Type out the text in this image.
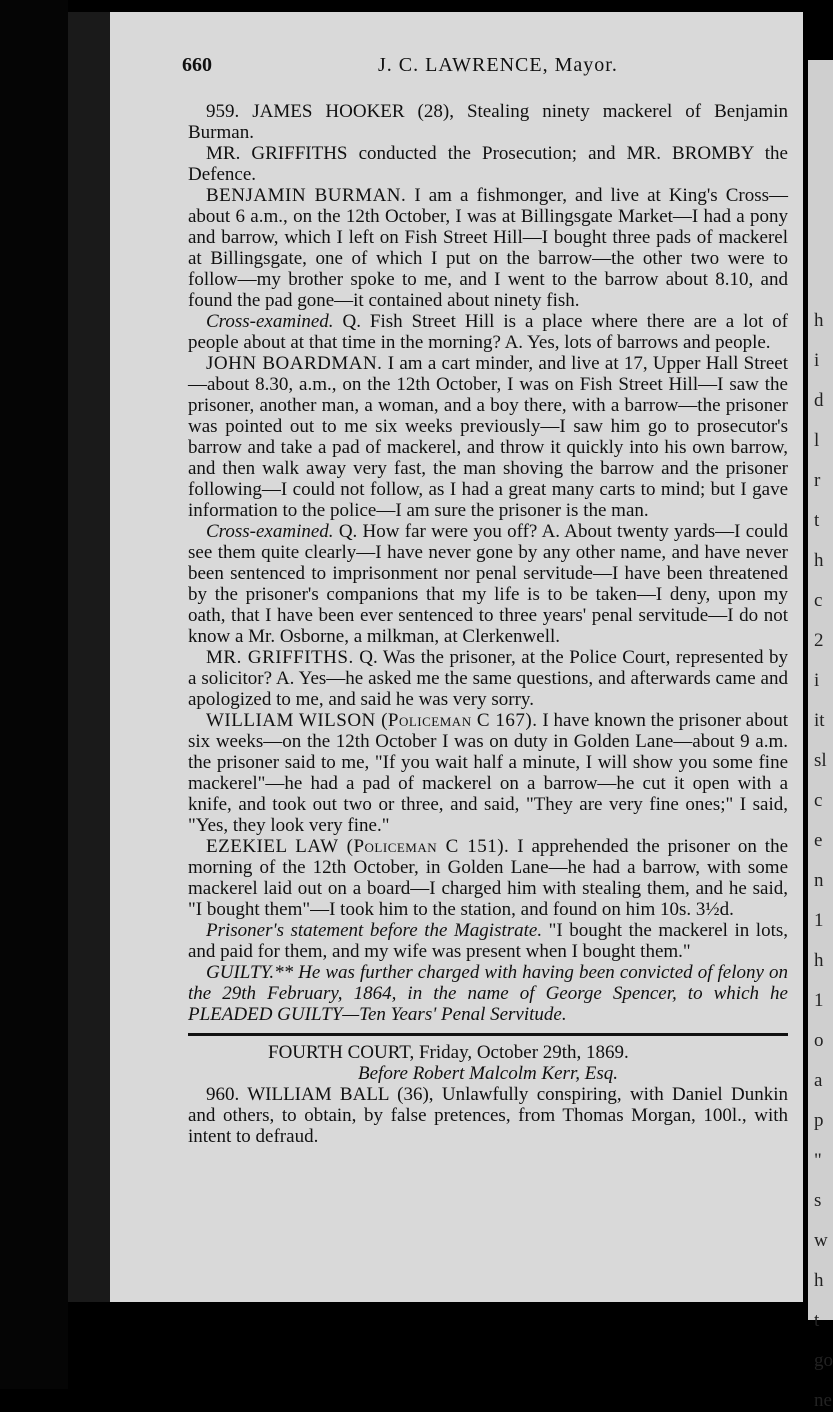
h
i
d
l
r
t
h
c
2
i
it
sl
c
e
n
1
h
1
o
a
p
"
s
w
h
t
go
ne
660	J. C. LAWRENCE, Mayor.

959. JAMES HOOKER (28), Stealing ninety mackerel of Benjamin Burman.

MR. GRIFFITHS conducted the Prosecution; and MR. BROMBY the Defence.

BENJAMIN BURMAN. I am a fishmonger, and live at King's Cross—about 6 a.m., on the 12th October, I was at Billingsgate Market—I had a pony and barrow, which I left on Fish Street Hill—I bought three pads of mackerel at Billingsgate, one of which I put on the barrow—the other two were to follow—my brother spoke to me, and I went to the barrow about 8.10, and found the pad gone—it contained about ninety fish.

Cross-examined. Q. Fish Street Hill is a place where there are a lot of people about at that time in the morning? A. Yes, lots of barrows and people.

JOHN BOARDMAN. I am a cart minder, and live at 17, Upper Hall Street—about 8.30, a.m., on the 12th October, I was on Fish Street Hill—I saw the prisoner, another man, a woman, and a boy there, with a barrow—the prisoner was pointed out to me six weeks previously—I saw him go to prosecutor's barrow and take a pad of mackerel, and throw it quickly into his own barrow, and then walk away very fast, the man shoving the barrow and the prisoner following—I could not follow, as I had a great many carts to mind; but I gave information to the police—I am sure the prisoner is the man.

Cross-examined. Q. How far were you off? A. About twenty yards—I could see them quite clearly—I have never gone by any other name, and have never been sentenced to imprisonment nor penal servitude—I have been threatened by the prisoner's companions that my life is to be taken—I deny, upon my oath, that I have been ever sentenced to three years' penal servitude—I do not know a Mr. Osborne, a milkman, at Clerkenwell.

MR. GRIFFITHS. Q. Was the prisoner, at the Police Court, represented by a solicitor? A. Yes—he asked me the same questions, and afterwards came and apologized to me, and said he was very sorry.

WILLIAM WILSON (Policeman C 167). I have known the prisoner about six weeks—on the 12th October I was on duty in Golden Lane—about 9 a.m. the prisoner said to me, "If you wait half a minute, I will show you some fine mackerel"—he had a pad of mackerel on a barrow—he cut it open with a knife, and took out two or three, and said, "They are very fine ones;" I said, "Yes, they look very fine."

EZEKIEL LAW (Policeman C 151). I apprehended the prisoner on the morning of the 12th October, in Golden Lane—he had a barrow, with some mackerel laid out on a board—I charged him with stealing them, and he said, "I bought them"—I took him to the station, and found on him 10s. 3½d.

Prisoner's statement before the Magistrate. "I bought the mackerel in lots, and paid for them, and my wife was present when I bought them."

GUILTY.** He was further charged with having been convicted of felony on the 29th February, 1864, in the name of George Spencer, to which he PLEADED GUILTY—Ten Years' Penal Servitude.

FOURTH COURT, Friday, October 29th, 1869.

Before Robert Malcolm Kerr, Esq.

960. WILLIAM BALL (36), Unlawfully conspiring, with Daniel Dunkin and others, to obtain, by false pretences, from Thomas Morgan, 100l., with intent to defraud.
